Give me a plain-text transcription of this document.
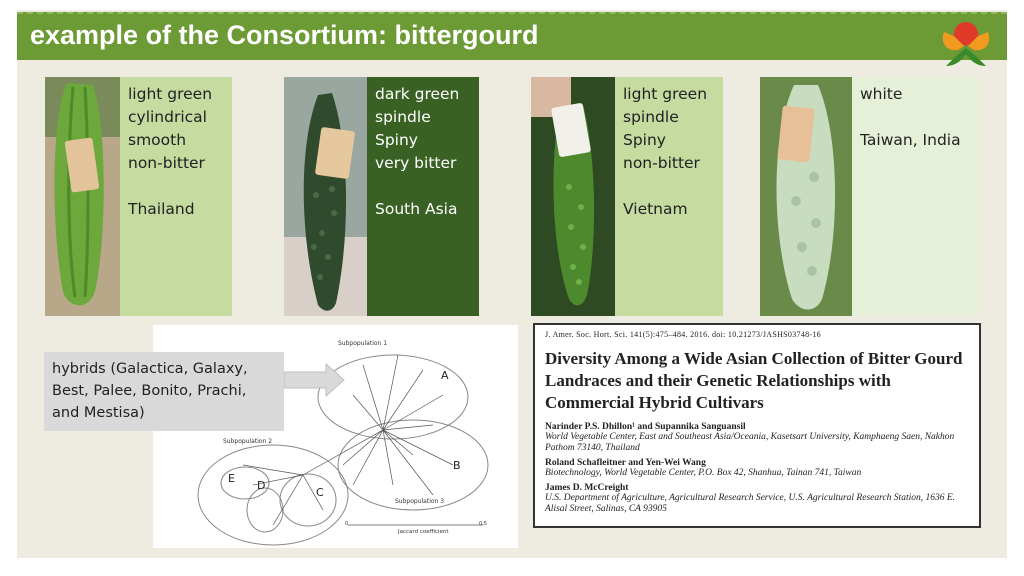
example of the Consortium: bittergourd
light green
cylindrical
smooth
non-bitter
Thailand
dark green
spindle
Spiny
very bitter
South Asia
light green
spindle
Spiny
non-bitter
Vietnam
white
Taiwan, India
Subpopulation 1
Subpopulation 2
Subpopulation 3
A
B
C
D
E
0	0.5
Jaccard coefficient
hybrids (Galactica, Galaxy, Best, Palee, Bonito, Prachi, and Mestisa)
J. Amer. Soc. Hort. Sci. 141(5):475–484. 2016. doi: 10.21273/JASHS03748-16
Diversity Among a Wide Asian Collection of Bitter Gourd Landraces and their Genetic Relationships with Commercial Hybrid Cultivars
Narinder P.S. Dhillon¹ and Supannika Sanguansil
World Vegetable Center, East and Southeast Asia/Oceania, Kasetsart University, Kamphaeng Saen, Nakhon Pathom 73140, Thailand
Roland Schafleitner and Yen-Wei Wang
Biotechnology, World Vegetable Center, P.O. Box 42, Shanhua, Tainan 741, Taiwan
James D. McCreight
U.S. Department of Agriculture, Agricultural Research Service, U.S. Agricultural Research Station, 1636 E. Alisal Street, Salinas, CA 93905
